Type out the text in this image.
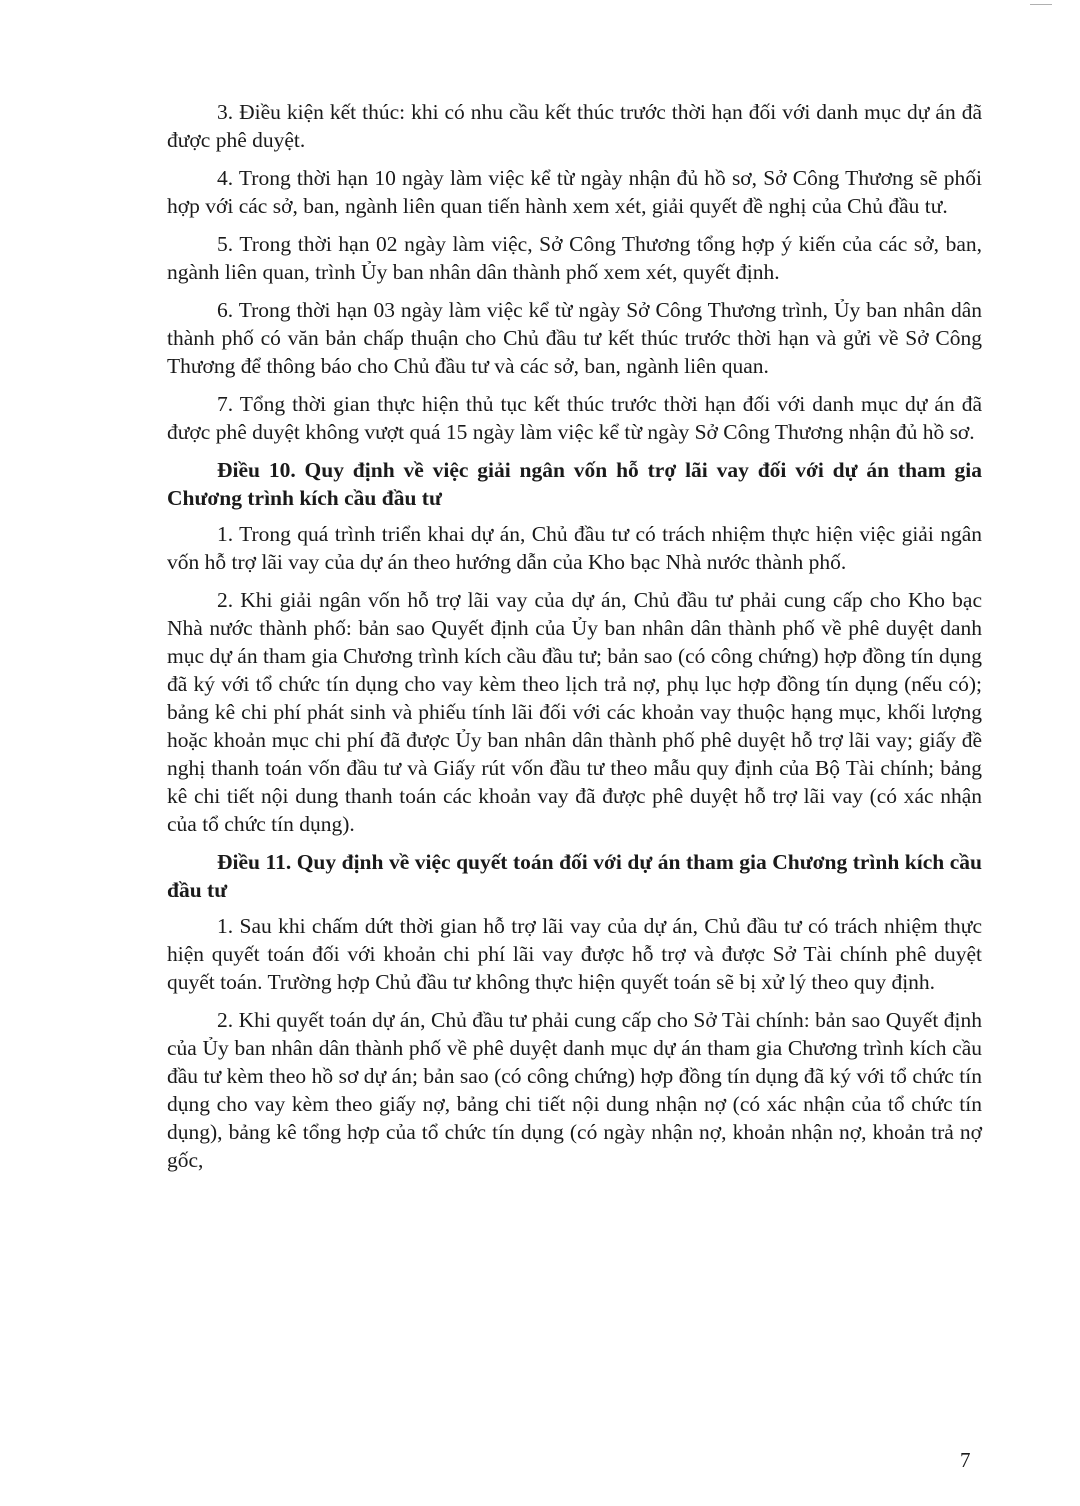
3. Điều kiện kết thúc: khi có nhu cầu kết thúc trước thời hạn đối với danh mục dự án đã được phê duyệt.

4. Trong thời hạn 10 ngày làm việc kể từ ngày nhận đủ hồ sơ, Sở Công Thương sẽ phối hợp với các sở, ban, ngành liên quan tiến hành xem xét, giải quyết đề nghị của Chủ đầu tư.

5. Trong thời hạn 02 ngày làm việc, Sở Công Thương tổng hợp ý kiến của các sở, ban, ngành liên quan, trình Ủy ban nhân dân thành phố xem xét, quyết định.

6. Trong thời hạn 03 ngày làm việc kể từ ngày Sở Công Thương trình, Ủy ban nhân dân thành phố có văn bản chấp thuận cho Chủ đầu tư kết thúc trước thời hạn và gửi về Sở Công Thương để thông báo cho Chủ đầu tư và các sở, ban, ngành liên quan.

7. Tổng thời gian thực hiện thủ tục kết thúc trước thời hạn đối với danh mục dự án đã được phê duyệt không vượt quá 15 ngày làm việc kể từ ngày Sở Công Thương nhận đủ hồ sơ.

Điều 10. Quy định về việc giải ngân vốn hỗ trợ lãi vay đối với dự án tham gia Chương trình kích cầu đầu tư

1. Trong quá trình triển khai dự án, Chủ đầu tư có trách nhiệm thực hiện việc giải ngân vốn hỗ trợ lãi vay của dự án theo hướng dẫn của Kho bạc Nhà nước thành phố.

2. Khi giải ngân vốn hỗ trợ lãi vay của dự án, Chủ đầu tư phải cung cấp cho Kho bạc Nhà nước thành phố: bản sao Quyết định của Ủy ban nhân dân thành phố về phê duyệt danh mục dự án tham gia Chương trình kích cầu đầu tư; bản sao (có công chứng) hợp đồng tín dụng đã ký với tổ chức tín dụng cho vay kèm theo lịch trả nợ, phụ lục hợp đồng tín dụng (nếu có); bảng kê chi phí phát sinh và phiếu tính lãi đối với các khoản vay thuộc hạng mục, khối lượng hoặc khoản mục chi phí đã được Ủy ban nhân dân thành phố phê duyệt hỗ trợ lãi vay; giấy đề nghị thanh toán vốn đầu tư và Giấy rút vốn đầu tư theo mẫu quy định của Bộ Tài chính; bảng kê chi tiết nội dung thanh toán các khoản vay đã được phê duyệt hỗ trợ lãi vay (có xác nhận của tổ chức tín dụng).

Điều 11. Quy định về việc quyết toán đối với dự án tham gia Chương trình kích cầu đầu tư

1. Sau khi chấm dứt thời gian hỗ trợ lãi vay của dự án, Chủ đầu tư có trách nhiệm thực hiện quyết toán đối với khoản chi phí lãi vay được hỗ trợ và được Sở Tài chính phê duyệt quyết toán. Trường hợp Chủ đầu tư không thực hiện quyết toán sẽ bị xử lý theo quy định.

2. Khi quyết toán dự án, Chủ đầu tư phải cung cấp cho Sở Tài chính: bản sao Quyết định của Ủy ban nhân dân thành phố về phê duyệt danh mục dự án tham gia Chương trình kích cầu đầu tư kèm theo hồ sơ dự án; bản sao (có công chứng) hợp đồng tín dụng đã ký với tổ chức tín dụng cho vay kèm theo giấy nợ, bảng chi tiết nội dung nhận nợ (có xác nhận của tổ chức tín dụng), bảng kê tổng hợp của tổ chức tín dụng (có ngày nhận nợ, khoản nhận nợ, khoản trả nợ gốc,

7
